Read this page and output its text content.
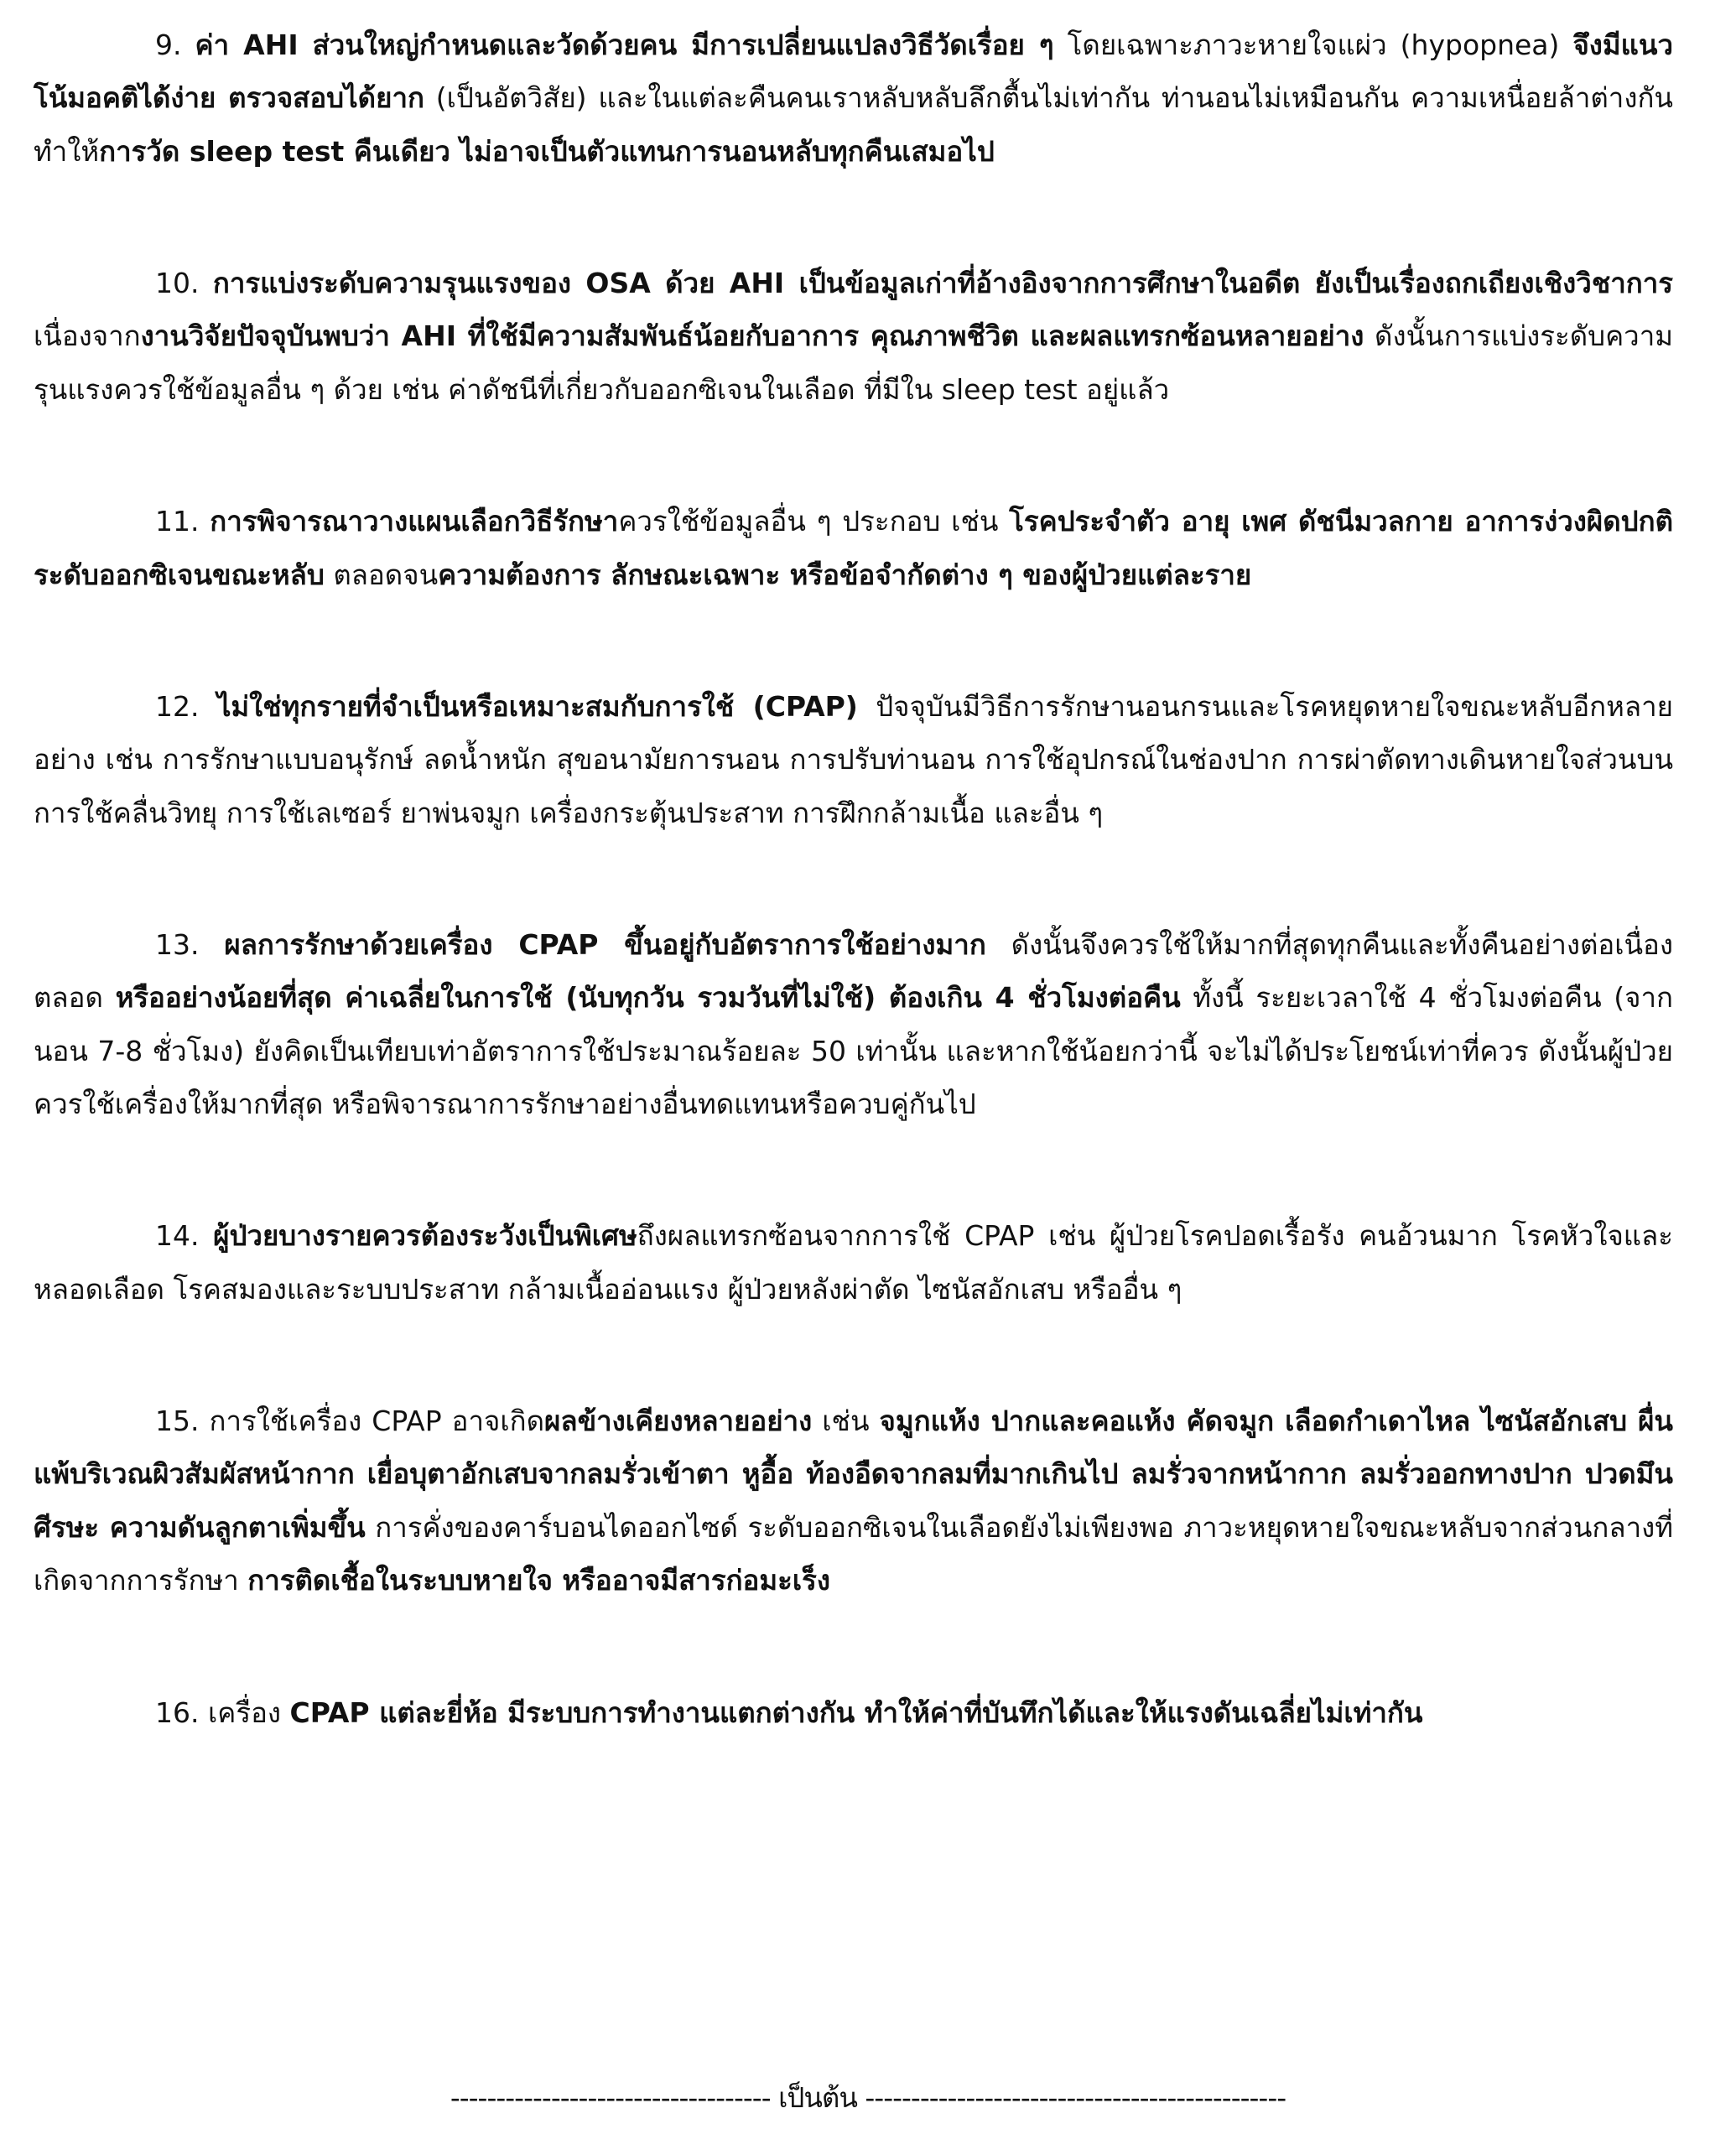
9. ค่า AHI ส่วนใหญ่กำหนดและวัดด้วยคน มีการเปลี่ยนแปลงวิธีวัดเรื่อย ๆ โดยเฉพาะภาวะหายใจแผ่ว (hypopnea) จึงมีแนวโน้มอคติได้ง่าย ตรวจสอบได้ยาก (เป็นอัตวิสัย) และในแต่ละคืนคนเราหลับหลับลึกตื้นไม่เท่ากัน ท่านอนไม่เหมือนกัน ความเหนื่อยล้าต่างกัน ทำให้การวัด sleep test คืนเดียว ไม่อาจเป็นตัวแทนการนอนหลับทุกคืนเสมอไป

10. การแบ่งระดับความรุนแรงของ OSA ด้วย AHI เป็นข้อมูลเก่าที่อ้างอิงจากการศึกษาในอดีต ยังเป็นเรื่องถกเถียงเชิงวิชาการ เนื่องจากงานวิจัยปัจจุบันพบว่า AHI ที่ใช้มีความสัมพันธ์น้อยกับอาการ คุณภาพชีวิต และผลแทรกซ้อนหลายอย่าง ดังนั้นการแบ่งระดับความรุนแรงควรใช้ข้อมูลอื่น ๆ ด้วย เช่น ค่าดัชนีที่เกี่ยวกับออกซิเจนในเลือด ที่มีใน sleep test อยู่แล้ว

11. การพิจารณาวางแผนเลือกวิธีรักษาควรใช้ข้อมูลอื่น ๆ ประกอบ เช่น โรคประจำตัว อายุ เพศ ดัชนีมวลกาย อาการง่วงผิดปกติ ระดับออกซิเจนขณะหลับ ตลอดจนความต้องการ ลักษณะเฉพาะ หรือข้อจำกัดต่าง ๆ ของผู้ป่วยแต่ละราย

12. ไม่ใช่ทุกรายที่จำเป็นหรือเหมาะสมกับการใช้ (CPAP) ปัจจุบันมีวิธีการรักษานอนกรนและโรคหยุดหายใจขณะหลับอีกหลายอย่าง เช่น การรักษาแบบอนุรักษ์ ลดน้ำหนัก สุขอนามัยการนอน การปรับท่านอน การใช้อุปกรณ์ในช่องปาก การผ่าตัดทางเดินหายใจส่วนบน การใช้คลื่นวิทยุ การใช้เลเซอร์ ยาพ่นจมูก เครื่องกระตุ้นประสาท การฝึกกล้ามเนื้อ และอื่น ๆ

13. ผลการรักษาด้วยเครื่อง CPAP ขึ้นอยู่กับอัตราการใช้อย่างมาก ดังนั้นจึงควรใช้ให้มากที่สุดทุกคืนและทั้งคืนอย่างต่อเนื่องตลอด หรืออย่างน้อยที่สุด ค่าเฉลี่ยในการใช้ (นับทุกวัน รวมวันที่ไม่ใช้) ต้องเกิน 4 ชั่วโมงต่อคืน ทั้งนี้ ระยะเวลาใช้ 4 ชั่วโมงต่อคืน (จากนอน 7-8 ชั่วโมง) ยังคิดเป็นเทียบเท่าอัตราการใช้ประมาณร้อยละ 50 เท่านั้น และหากใช้น้อยกว่านี้ จะไม่ได้ประโยชน์เท่าที่ควร ดังนั้นผู้ป่วยควรใช้เครื่องให้มากที่สุด หรือพิจารณาการรักษาอย่างอื่นทดแทนหรือควบคู่กันไป

14. ผู้ป่วยบางรายควรต้องระวังเป็นพิเศษถึงผลแทรกซ้อนจากการใช้ CPAP เช่น ผู้ป่วยโรคปอดเรื้อรัง คนอ้วนมาก โรคหัวใจและหลอดเลือด โรคสมองและระบบประสาท กล้ามเนื้ออ่อนแรง ผู้ป่วยหลังผ่าตัด ไซนัสอักเสบ หรืออื่น ๆ

15. การใช้เครื่อง CPAP อาจเกิดผลข้างเคียงหลายอย่าง เช่น จมูกแห้ง ปากและคอแห้ง คัดจมูก เลือดกำเดาไหล ไซนัสอักเสบ ผื่นแพ้บริเวณผิวสัมผัสหน้ากาก เยื่อบุตาอักเสบจากลมรั่วเข้าตา หูอื้อ ท้องอืดจากลมที่มากเกินไป ลมรั่วจากหน้ากาก ลมรั่วออกทางปาก ปวดมึนศีรษะ ความดันลูกตาเพิ่มขึ้น การคั่งของคาร์บอนไดออกไซด์ ระดับออกซิเจนในเลือดยังไม่เพียงพอ ภาวะหยุดหายใจขณะหลับจากส่วนกลางที่เกิดจากการรักษา การติดเชื้อในระบบหายใจ หรืออาจมีสารก่อมะเร็ง

16. เครื่อง CPAP แต่ละยี่ห้อ มีระบบการทำงานแตกต่างกัน ทำให้ค่าที่บันทึกได้และให้แรงดันเฉลี่ยไม่เท่ากัน

----------------------------------- เป็นต้น ----------------------------------------------
